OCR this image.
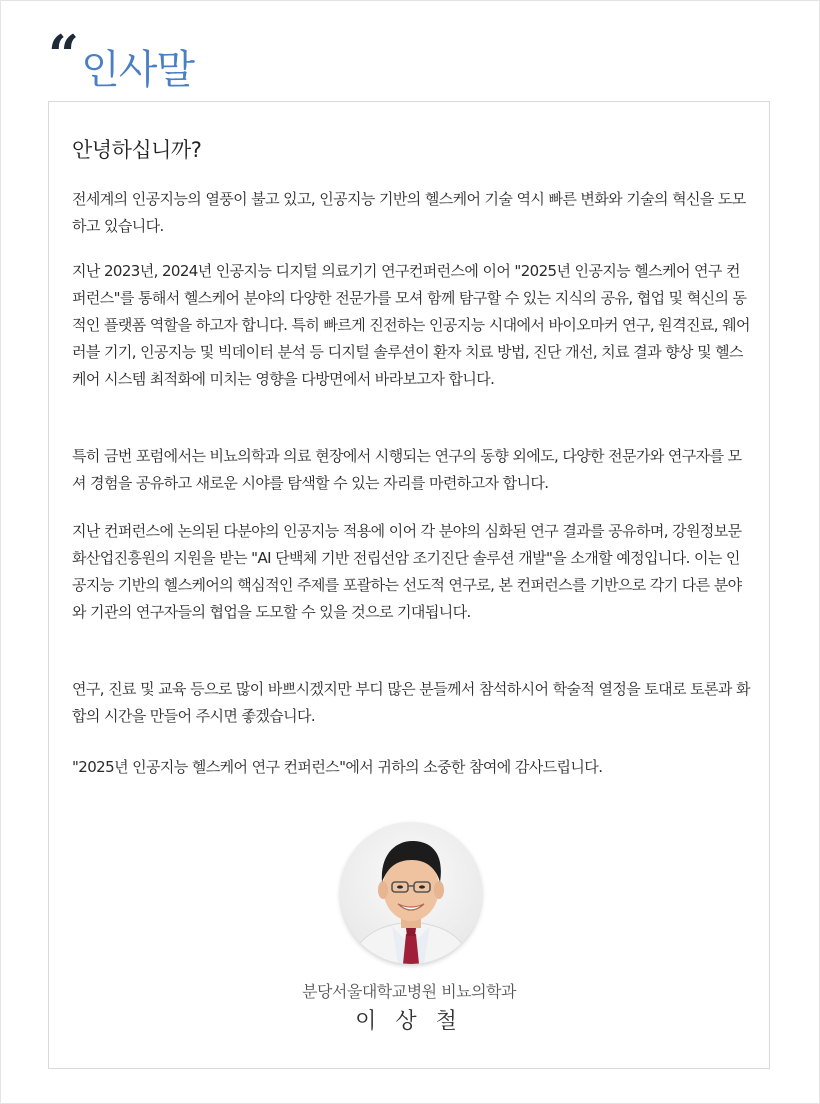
“ 인사말
안녕하십니까?

전세계의 인공지능의 열풍이 불고 있고, 인공지능 기반의 헬스케어 기술 역시 빠른 변화와 기술의 혁신을 도모하고 있습니다.

지난 2023년, 2024년 인공지능 디지털 의료기기 연구컨퍼런스에 이어 "2025년 인공지능 헬스케어 연구 컨퍼런스"를 통해서 헬스케어 분야의 다양한 전문가를 모셔 함께 탐구할 수 있는 지식의 공유, 협업 및 혁신의 동적인 플랫폼 역할을 하고자 합니다. 특히 빠르게 진전하는 인공지능 시대에서 바이오마커 연구, 원격진료, 웨어러블 기기, 인공지능 및 빅데이터 분석 등 디지털 솔루션이 환자 치료 방법, 진단 개선, 치료 결과 향상 및 헬스케어 시스템 최적화에 미치는 영향을 다방면에서 바라보고자 합니다.

특히 금번 포럼에서는 비뇨의학과 의료 현장에서 시행되는 연구의 동향 외에도, 다양한 전문가와 연구자를 모셔 경험을 공유하고 새로운 시야를 탐색할 수 있는 자리를 마련하고자 합니다.

지난 컨퍼런스에 논의된 다분야의 인공지능 적용에 이어 각 분야의 심화된 연구 결과를 공유하며, 강원정보문화산업진흥원의 지원을 받는 "AI 단백체 기반 전립선암 조기진단 솔루션 개발"을 소개할 예정입니다. 이는 인공지능 기반의 헬스케어의 핵심적인 주제를 포괄하는 선도적 연구로, 본 컨퍼런스를 기반으로 각기 다른 분야와 기관의 연구자들의 협업을 도모할 수 있을 것으로 기대됩니다.

연구, 진료 및 교육 등으로 많이 바쁘시겠지만 부디 많은 분들께서 참석하시어 학술적 열정을 토대로 토론과 화합의 시간을 만들어 주시면 좋겠습니다.

"2025년 인공지능 헬스케어 연구 컨퍼런스"에서 귀하의 소중한 참여에 감사드립니다.

분당서울대학교병원 비뇨의학과
이 상 철
